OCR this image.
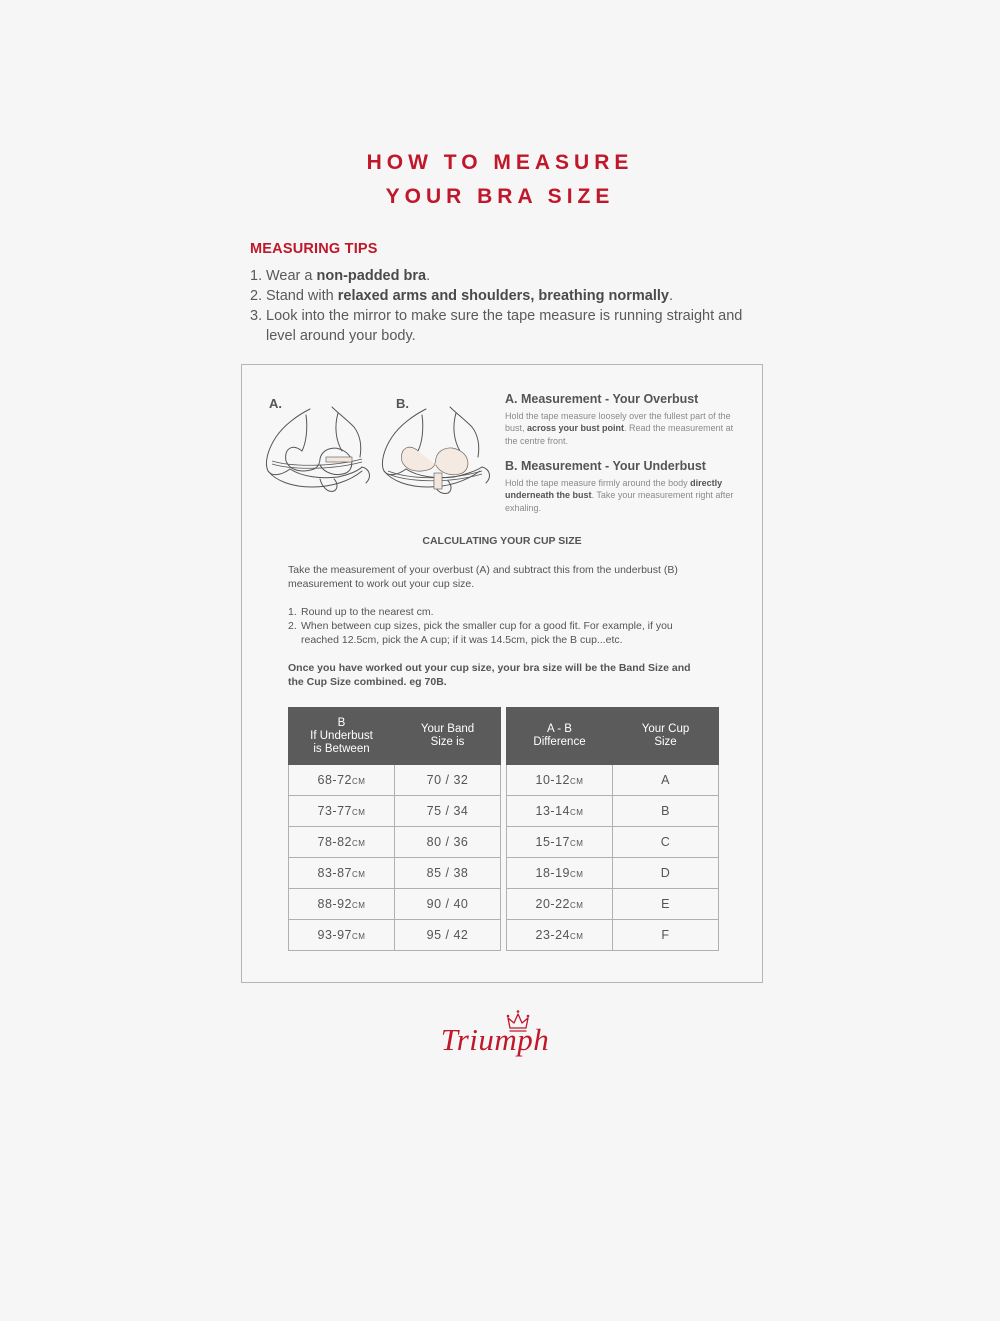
HOW TO MEASURE
YOUR BRA SIZE
MEASURING TIPS
1. Wear a non-padded bra.
2. Stand with relaxed arms and shoulders, breathing normally.
3. Look into the mirror to make sure the tape measure is running straight and level around your body.
A.	B.	A. Measurement - Your Overbust
Hold the tape measure loosely over the fullest part of the bust, across your bust point. Read the measurement at the centre front.
B. Measurement - Your Underbust
Hold the tape measure firmly around the body directly underneath the bust. Take your measurement right after exhaling.
CALCULATING YOUR CUP SIZE
Take the measurement of your overbust (A) and subtract this from the underbust (B) measurement to work out your cup size.
1. Round up to the nearest cm.
2. When between cup sizes, pick the smaller cup for a good fit. For example, if you reached 12.5cm, pick the A cup; if it was 14.5cm, pick the B cup...etc.
Once you have worked out your cup size, your bra size will be the Band Size and the Cup Size combined. eg 70B.
B
If Underbust
is Between	Your Band
Size is
68-72cm	70 / 32
73-77cm	75 / 34
78-82cm	80 / 36
83-87cm	85 / 38
88-92cm	90 / 40
93-97cm	95 / 42
A - B
Difference	Your Cup
Size
10-12cm	A
13-14cm	B
15-17cm	C
18-19cm	D
20-22cm	E
23-24cm	F
Triumph
